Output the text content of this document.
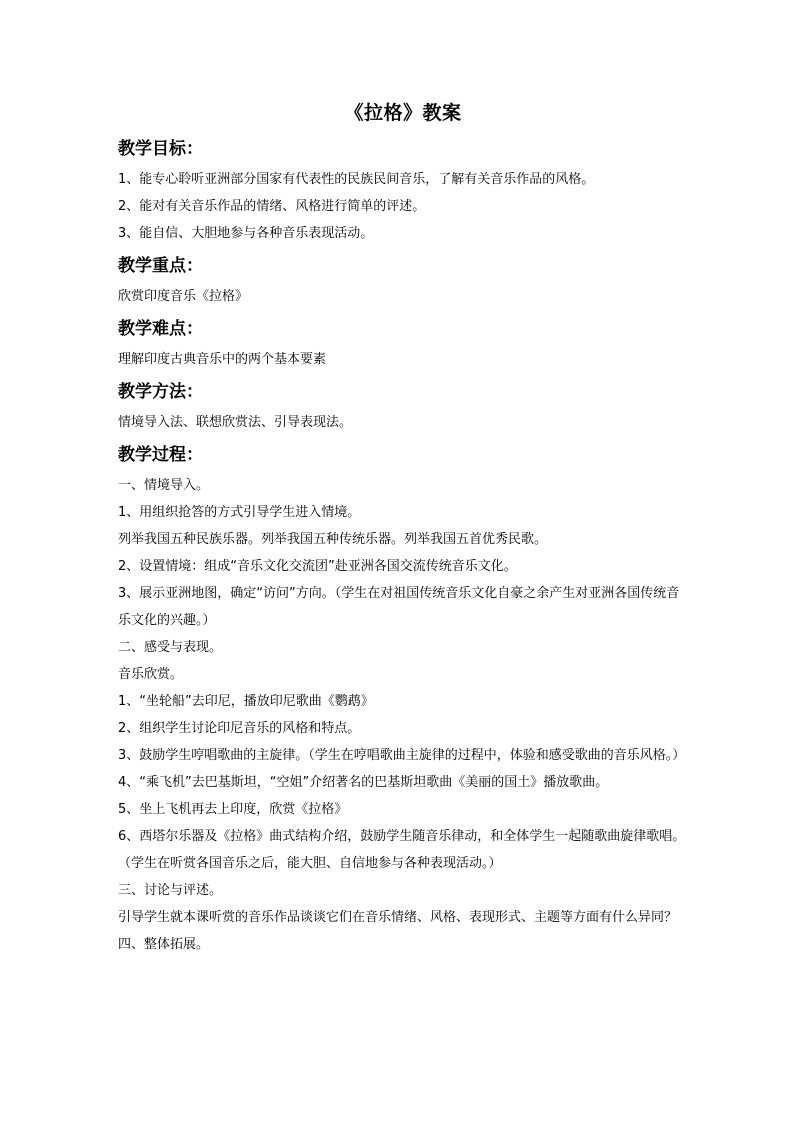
《拉格》教案
教学目标：
1、能专心聆听亚洲部分国家有代表性的民族民间音乐，了解有关音乐作品的风格。
2、能对有关音乐作品的情绪、风格进行简单的评述。
3、能自信、大胆地参与各种音乐表现活动。
教学重点：
欣赏印度音乐《拉格》
教学难点：
理解印度古典音乐中的两个基本要素
教学方法：
情境导入法、联想欣赏法、引导表现法。
教学过程：
一、情境导入。
1、用组织抢答的方式引导学生进入情境。
列举我国五种民族乐器。列举我国五种传统乐器。列举我国五首优秀民歌。
2、设置情境：组成“音乐文化交流团”赴亚洲各国交流传统音乐文化。
3、展示亚洲地图，确定“访问”方向。（学生在对祖国传统音乐文化自豪之余产生对亚洲各国传统音乐文化的兴趣。）
二、感受与表现。
音乐欣赏。
1、“坐轮船”去印尼，播放印尼歌曲《鹦鹉》
2、组织学生讨论印尼音乐的风格和特点。
3、鼓励学生哼唱歌曲的主旋律。（学生在哼唱歌曲主旋律的过程中，体验和感受歌曲的音乐风格。）
4、“乘飞机”去巴基斯坦，“空姐”介绍著名的巴基斯坦歌曲《美丽的国土》播放歌曲。
5、坐上飞机再去上印度，欣赏《拉格》
6、西塔尔乐器及《拉格》曲式结构介绍，鼓励学生随音乐律动，和全体学生一起随歌曲旋律歌唱。（学生在听赏各国音乐之后，能大胆、自信地参与各种表现活动。）
三、讨论与评述。
引导学生就本课听赏的音乐作品谈谈它们在音乐情绪、风格、表现形式、主题等方面有什么异同？
四、整体拓展。
